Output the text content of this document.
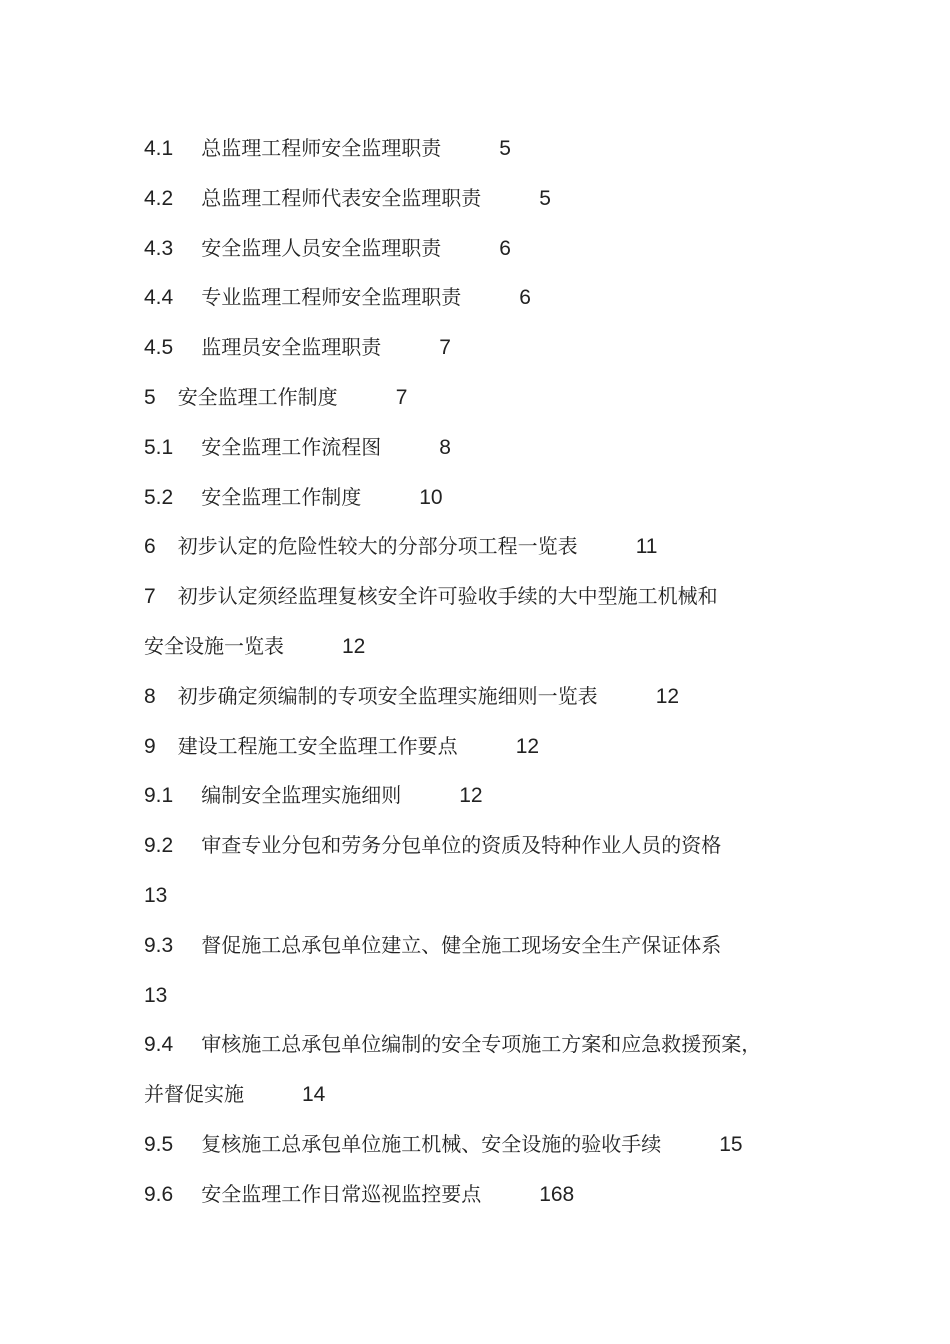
4.1 总监理工程师安全监理职责	5
4.2 总监理工程师代表安全监理职责	5
4.3 安全监理人员安全监理职责	6
4.4 专业监理工程师安全监理职责	6
4.5 监理员安全监理职责	7
5 安全监理工作制度	7
5.1 安全监理工作流程图	8
5.2 安全监理工作制度	10
6 初步认定的危险性较大的分部分项工程一览表	11
7 初步认定须经监理复核安全许可验收手续的大中型施工机械和
安全设施一览表	12
8 初步确定须编制的专项安全监理实施细则一览表	12
9 建设工程施工安全监理工作要点	12
9.1 编制安全监理实施细则	12
9.2 审查专业分包和劳务分包单位的资质及特种作业人员的资格
13
9.3 督促施工总承包单位建立、健全施工现场安全生产保证体系
13
9.4 审核施工总承包单位编制的安全专项施工方案和应急救援预案，
并督促实施	14
9.5 复核施工总承包单位施工机械、安全设施的验收手续	15
9.6 安全监理工作日常巡视监控要点	168
